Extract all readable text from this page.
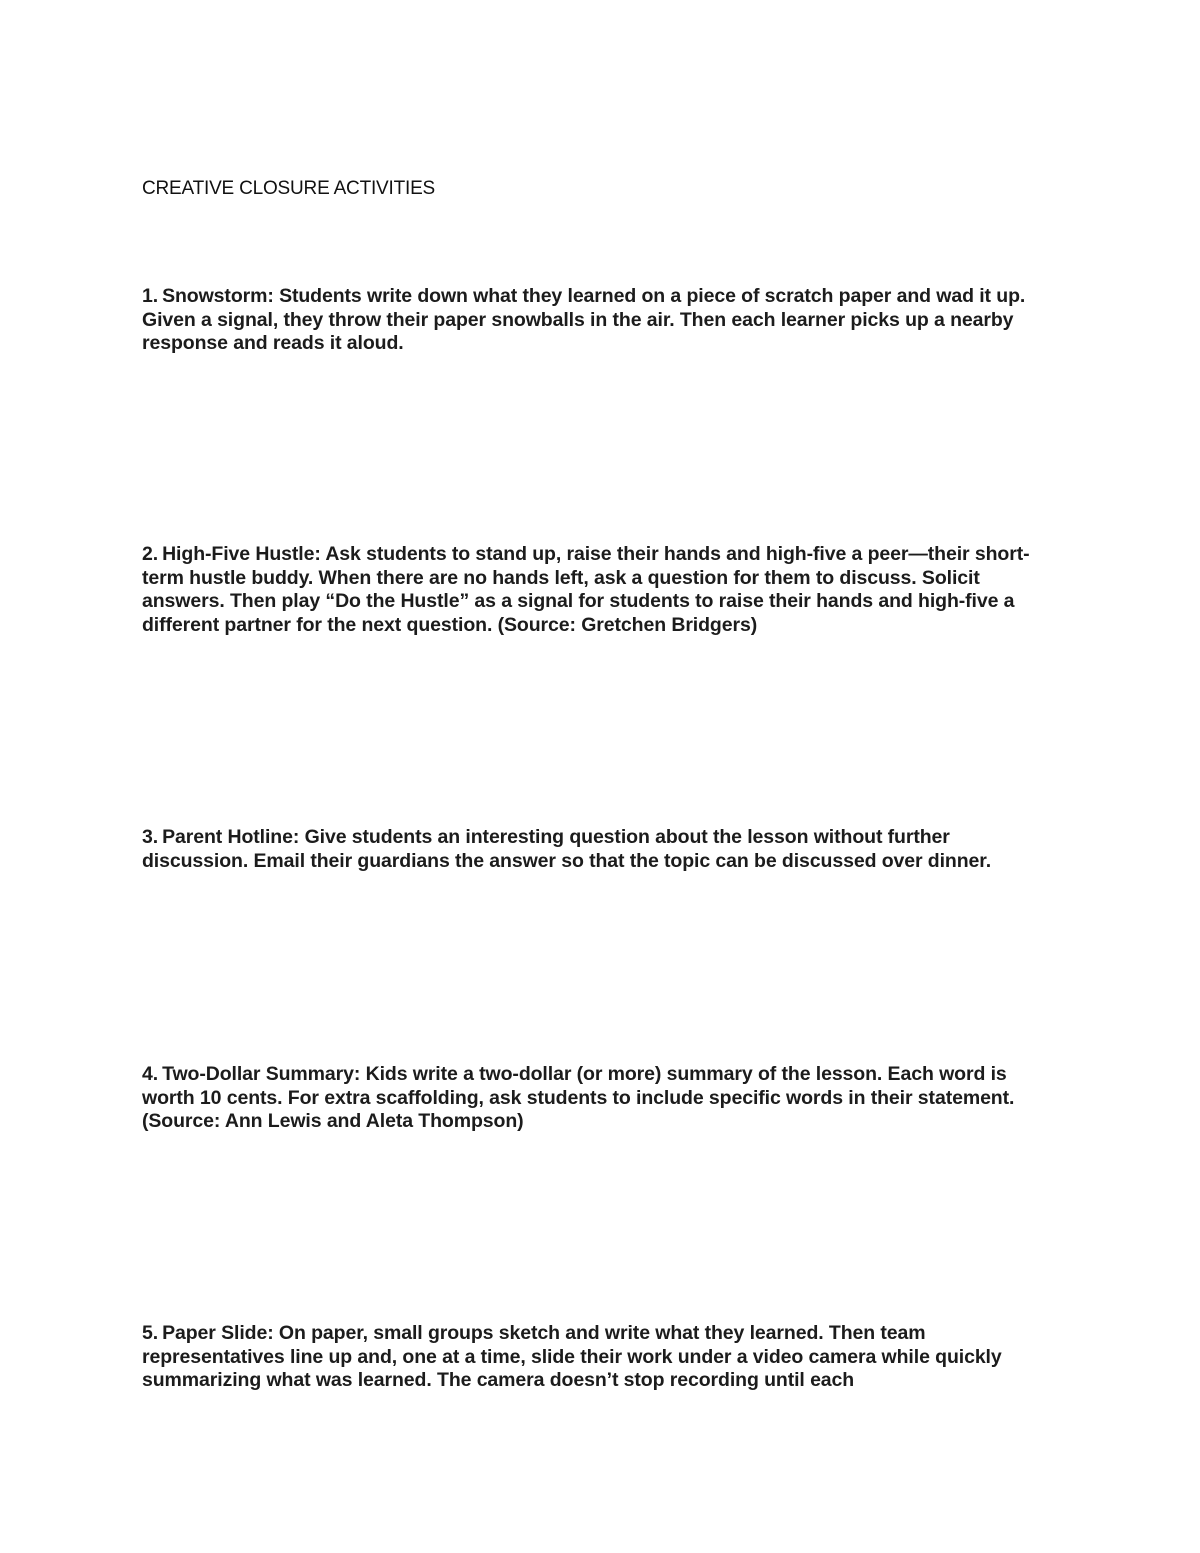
CREATIVE CLOSURE ACTIVITIES

1. Snowstorm: Students write down what they learned on a piece of scratch paper and wad it up. Given a signal, they throw their paper snowballs in the air. Then each learner picks up a nearby response and reads it aloud.

2. High-Five Hustle: Ask students to stand up, raise their hands and high-five a peer—their short-term hustle buddy. When there are no hands left, ask a question for them to discuss. Solicit answers. Then play “Do the Hustle” as a signal for students to raise their hands and high-five a different partner for the next question. (Source: Gretchen Bridgers)

3. Parent Hotline: Give students an interesting question about the lesson without further discussion. Email their guardians the answer so that the topic can be discussed over dinner.

4. Two-Dollar Summary: Kids write a two-dollar (or more) summary of the lesson. Each word is worth 10 cents. For extra scaffolding, ask students to include specific words in their statement. (Source: Ann Lewis and Aleta Thompson)

5. Paper Slide: On paper, small groups sketch and write what they learned. Then team representatives line up and, one at a time, slide their work under a video camera while quickly summarizing what was learned. The camera doesn’t stop recording until each
